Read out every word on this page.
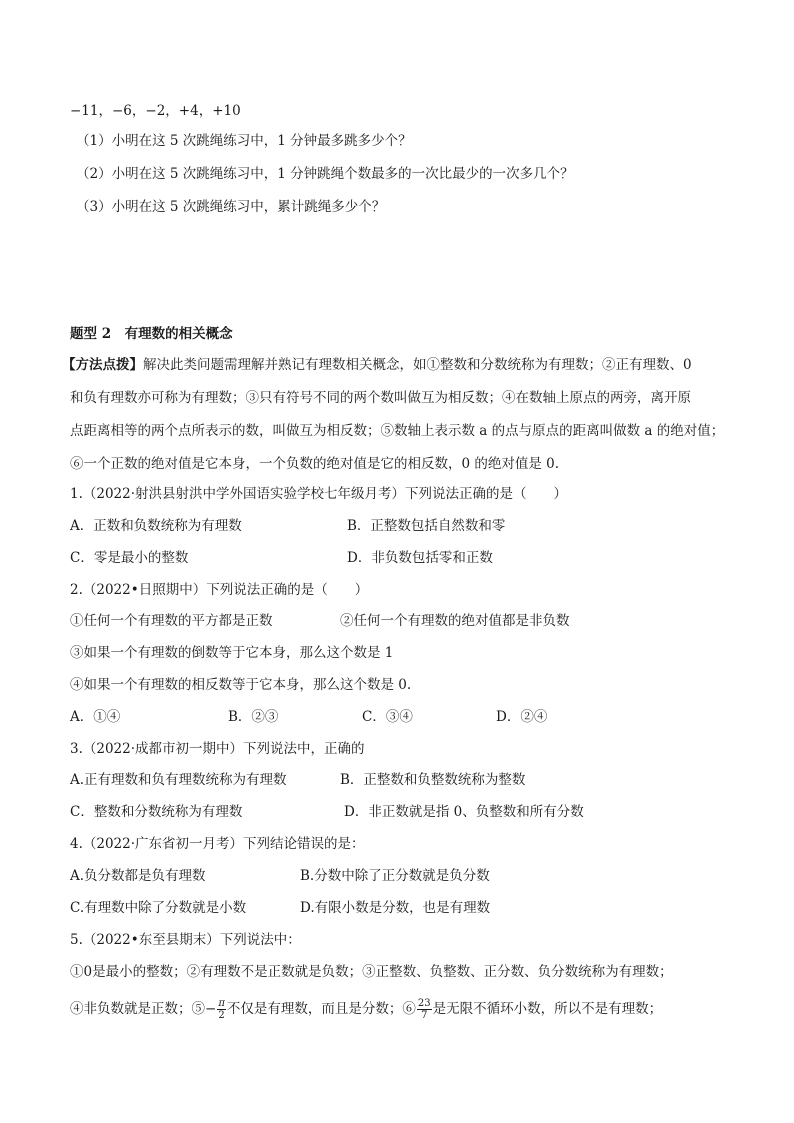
−11，−6，−2，+4，+10
（1）小明在这 5 次跳绳练习中，1 分钟最多跳多少个？
（2）小明在这 5 次跳绳练习中，1 分钟跳绳个数最多的一次比最少的一次多几个？
（3）小明在这 5 次跳绳练习中，累计跳绳多少个？
题型 2　有理数的相关概念
【方法点拨】解决此类问题需理解并熟记有理数相关概念，如①整数和分数统称为有理数；②正有理数、0
和负有理数亦可称为有理数；③只有符号不同的两个数叫做互为相反数；④在数轴上原点的两旁，离开原
点距离相等的两个点所表示的数，叫做互为相反数；⑤数轴上表示数 a 的点与原点的距离叫做数 a 的绝对值；
⑥一个正数的绝对值是它本身，一个负数的绝对值是它的相反数，0 的绝对值是 0.
1.（2022·射洪县射洪中学外国语实验学校七年级月考）下列说法正确的是（　　）
A．正数和负数统称为有理数	B．正整数包括自然数和零
C．零是最小的整数	D．非负数包括零和正数
2.（2022•日照期中）下列说法正确的是（　　）
①任何一个有理数的平方都是正数	②任何一个有理数的绝对值都是非负数
③如果一个有理数的倒数等于它本身，那么这个数是 1
④如果一个有理数的相反数等于它本身，那么这个数是 0.
A．①④	B．②③	C．③④	D．②④
3.（2022·成都市初一期中）下列说法中，正确的
A.正有理数和负有理数统称为有理数	B．正整数和负整数统称为整数
C．整数和分数统称为有理数	D．非正数就是指 0、负整数和所有分数
4.（2022·广东省初一月考）下列结论错误的是：
A.负分数都是负有理数	B.分数中除了正分数就是负分数
C.有理数中除了分数就是小数	D.有限小数是分数，也是有理数
5.（2022•东至县期末）下列说法中：
①0是最小的整数；②有理数不是正数就是负数；③正整数、负整数、正分数、负分数统称为有理数；
④非负数就是正数；⑤− $\frac{\pi}{2}$ 不仅是有理数，而且是分数；⑥ $\frac{23}{7}$ 是无限不循环小数，所以不是有理数；
